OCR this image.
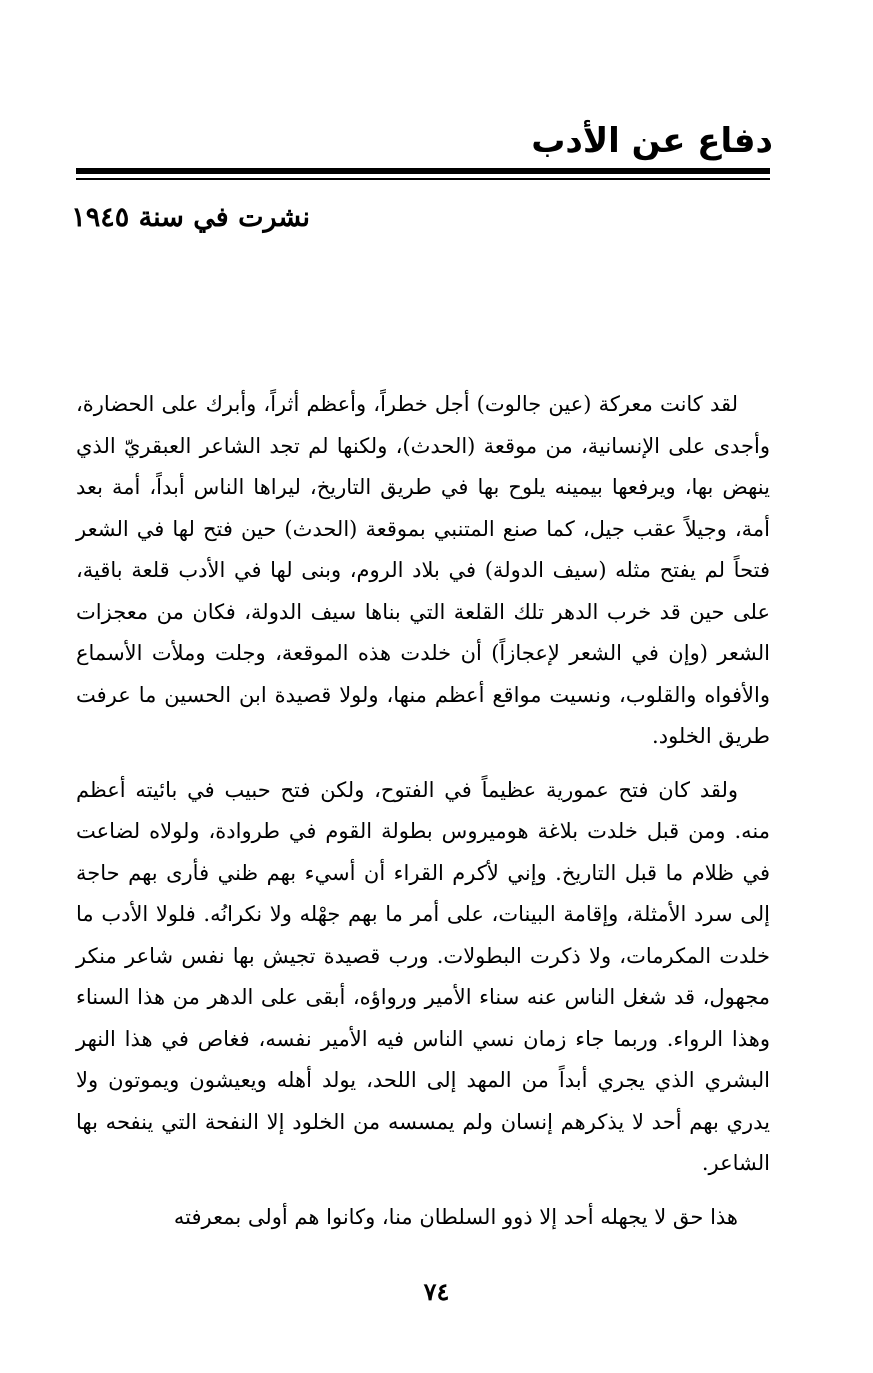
دفاع عن الأدب
نشرت في سنة ١٩٤٥

لقد كانت معركة (عين جالوت) أجل خطراً، وأعظم أثراً، وأبرك على الحضارة، وأجدى على الإنسانية، من موقعة (الحدث)، ولكنها لم تجد الشاعر العبقريّ الذي ينهض بها، ويرفعها بيمينه يلوح بها في طريق التاريخ، ليراها الناس أبداً، أمة بعد أمة، وجيلاً عقب جيل، كما صنع المتنبي بموقعة (الحدث) حين فتح لها في الشعر فتحاً لم يفتح مثله (سيف الدولة) في بلاد الروم، وبنى لها في الأدب قلعة باقية، على حين قد خرب الدهر تلك القلعة التي بناها سيف الدولة، فكان من معجزات الشعر (وإن في الشعر لإعجازاً) أن خلدت هذه الموقعة، وجلت وملأت الأسماع والأفواه والقلوب، ونسيت مواقع أعظم منها، ولولا قصيدة ابن الحسين ما عرفت طريق الخلود.

ولقد كان فتح عمورية عظيماً في الفتوح، ولكن فتح حبيب في بائيته أعظم منه. ومن قبل خلدت بلاغة هوميروس بطولة القوم في طروادة، ولولاه لضاعت في ظلام ما قبل التاريخ. وإني لأكرم القراء أن أسيء بهم ظني فأرى بهم حاجة إلى سرد الأمثلة، وإقامة البينات، على أمر ما بهم جهْله ولا نكرانُه. فلولا الأدب ما خلدت المكرمات، ولا ذكرت البطولات. ورب قصيدة تجيش بها نفس شاعر منكر مجهول، قد شغل الناس عنه سناء الأمير ورواؤه، أبقى على الدهر من هذا السناء وهذا الرواء. وربما جاء زمان نسي الناس فيه الأمير نفسه، فغاص في هذا النهر البشري الذي يجري أبداً من المهد إلى اللحد، يولد أهله ويعيشون ويموتون ولا يدري بهم أحد لا يذكرهم إنسان ولم يمسسه من الخلود إلا النفحة التي ينفحه بها الشاعر.

هذا حق لا يجهله أحد إلا ذوو السلطان منا، وكانوا هم أولى بمعرفته

٧٤
